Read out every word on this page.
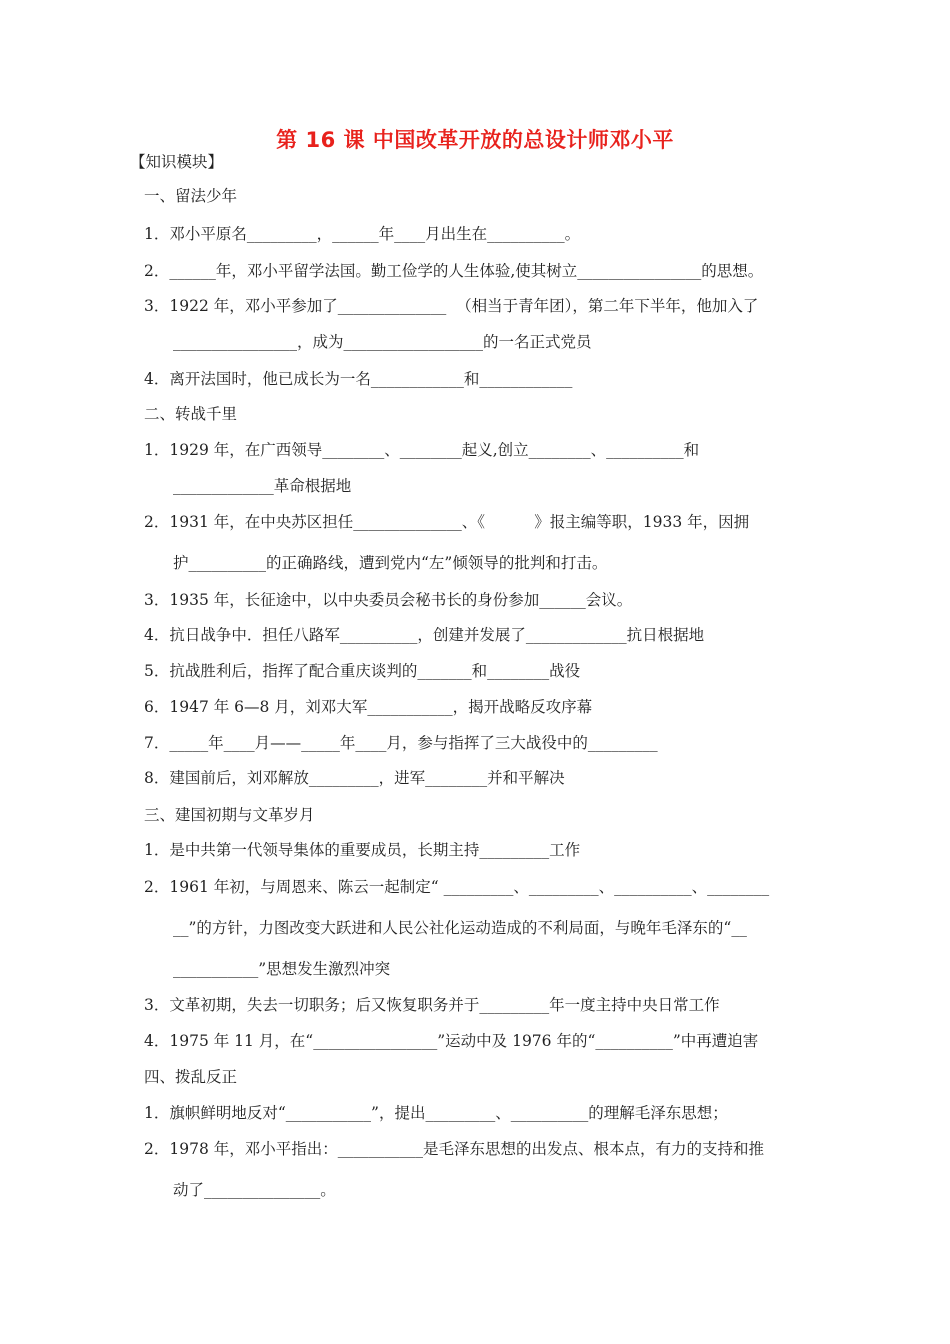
第 16 课 中国改革开放的总设计师邓小平
【知识模块】
一、留法少年
1．邓小平原名_________，______年____月出生在__________。
2．______年，邓小平留学法国。勤工俭学的人生体验,使其树立________________的思想。
3．1922 年，邓小平参加了______________  （相当于青年团），第二年下半年，他加入了
________________，成为__________________的一名正式党员
4．离开法国时，他已成长为一名____________和____________
二、转战千里
1．1929 年，在广西领导________、________起义,创立________、__________和
_____________革命根据地
2．1931 年，在中央苏区担任______________、《          》报主编等职，1933 年，因拥
护__________的正确路线，遭到党内“左”倾领导的批判和打击。
3．1935 年，长征途中，以中央委员会秘书长的身份参加______会议。
4．抗日战争中．担任八路军__________，创建并发展了_____________抗日根据地
5．抗战胜利后，指挥了配合重庆谈判的_______和________战役
6．1947 年 6—8 月，刘邓大军___________，揭开战略反攻序幕
7．_____年____月——_____年____月，参与指挥了三大战役中的_________
8．建国前后，刘邓解放_________，进军________并和平解决
三、建国初期与文革岁月
1．是中共第一代领导集体的重要成员，长期主持_________工作
2．1961 年初，与周恩来、陈云一起制定“ _________、_________、__________、________
__”的方针，力图改变大跃进和人民公社化运动造成的不利局面，与晚年毛泽东的“__
___________”思想发生激烈冲突
3．文革初期，失去一切职务；后又恢复职务并于_________年一度主持中央日常工作
4．1975 年 11 月，在“________________”运动中及 1976 年的“__________”中再遭迫害
四、拨乱反正
1．旗帜鲜明地反对“___________”，提出_________、__________的理解毛泽东思想；
2．1978 年，邓小平指出：___________是毛泽东思想的出发点、根本点，有力的支持和推
动了_______________。
